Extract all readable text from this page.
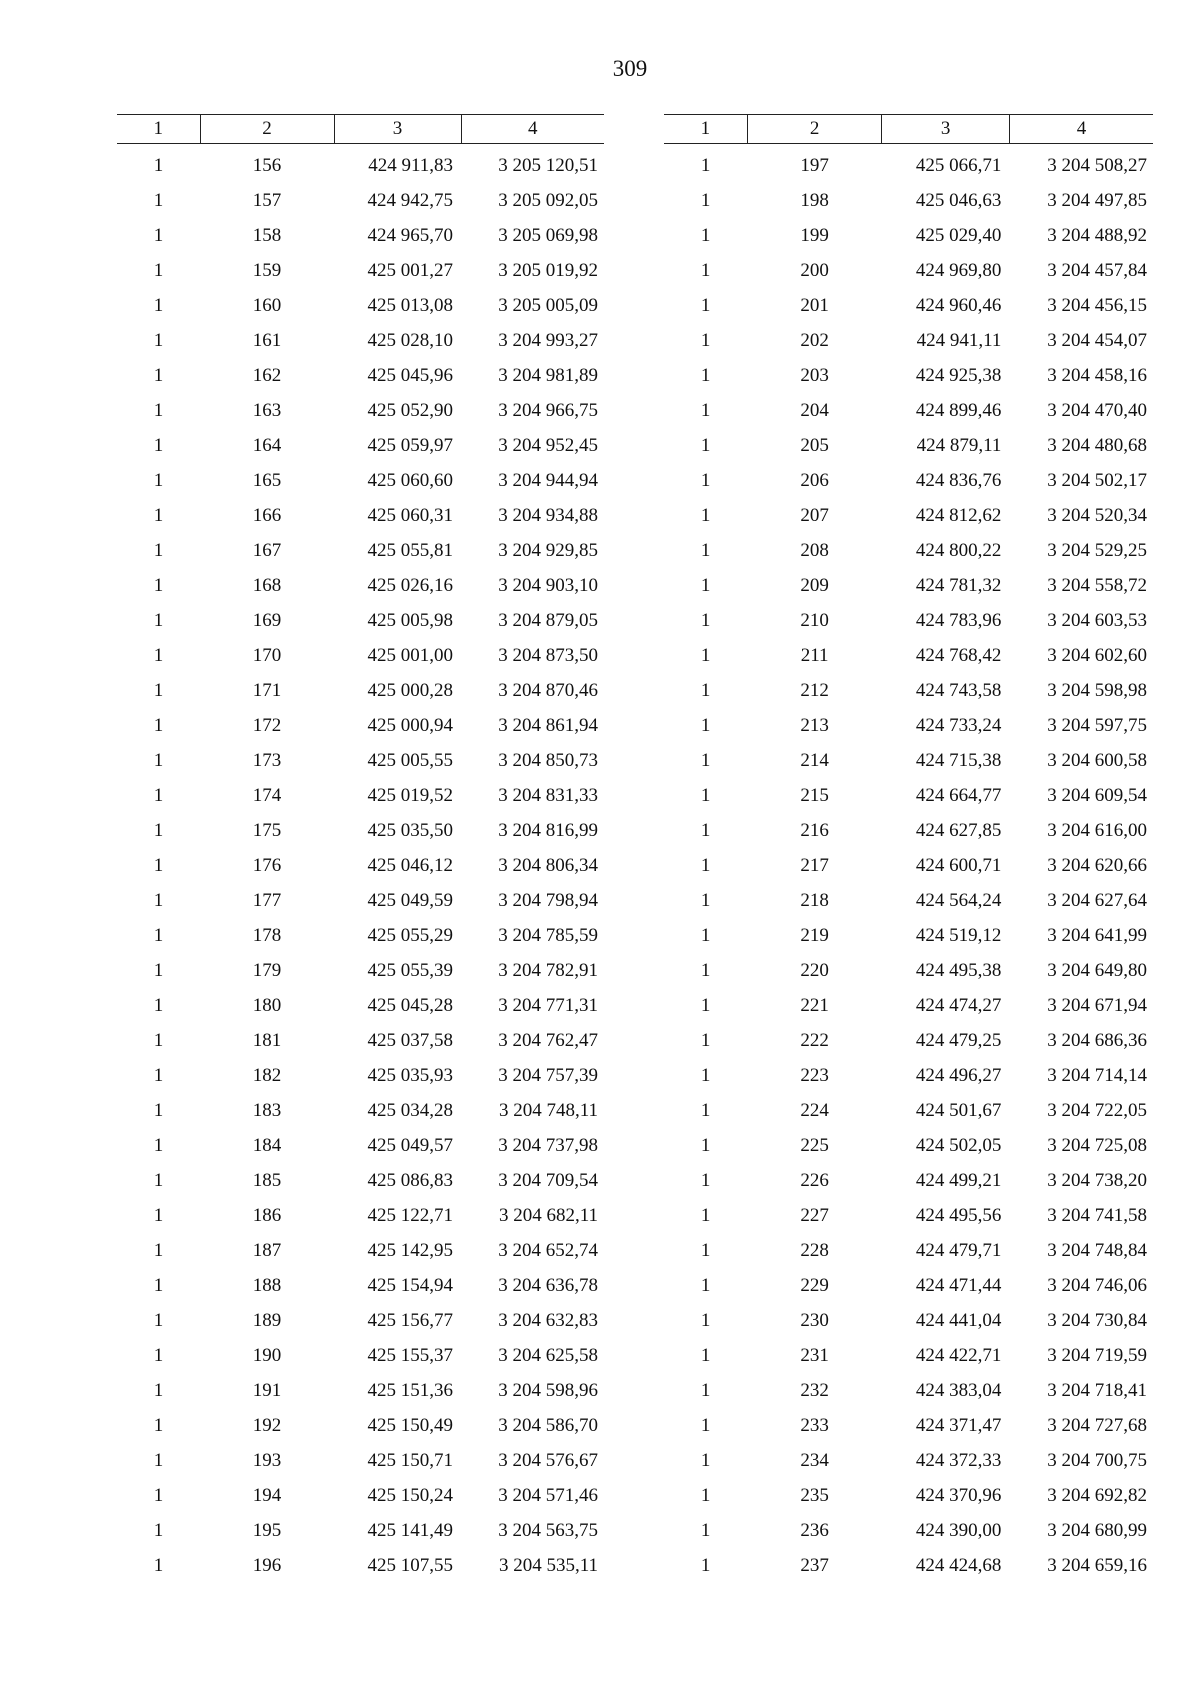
309
1	2	3	4
1	156	424 911,83	3 205 120,51
1	157	424 942,75	3 205 092,05
1	158	424 965,70	3 205 069,98
1	159	425 001,27	3 205 019,92
1	160	425 013,08	3 205 005,09
1	161	425 028,10	3 204 993,27
1	162	425 045,96	3 204 981,89
1	163	425 052,90	3 204 966,75
1	164	425 059,97	3 204 952,45
1	165	425 060,60	3 204 944,94
1	166	425 060,31	3 204 934,88
1	167	425 055,81	3 204 929,85
1	168	425 026,16	3 204 903,10
1	169	425 005,98	3 204 879,05
1	170	425 001,00	3 204 873,50
1	171	425 000,28	3 204 870,46
1	172	425 000,94	3 204 861,94
1	173	425 005,55	3 204 850,73
1	174	425 019,52	3 204 831,33
1	175	425 035,50	3 204 816,99
1	176	425 046,12	3 204 806,34
1	177	425 049,59	3 204 798,94
1	178	425 055,29	3 204 785,59
1	179	425 055,39	3 204 782,91
1	180	425 045,28	3 204 771,31
1	181	425 037,58	3 204 762,47
1	182	425 035,93	3 204 757,39
1	183	425 034,28	3 204 748,11
1	184	425 049,57	3 204 737,98
1	185	425 086,83	3 204 709,54
1	186	425 122,71	3 204 682,11
1	187	425 142,95	3 204 652,74
1	188	425 154,94	3 204 636,78
1	189	425 156,77	3 204 632,83
1	190	425 155,37	3 204 625,58
1	191	425 151,36	3 204 598,96
1	192	425 150,49	3 204 586,70
1	193	425 150,71	3 204 576,67
1	194	425 150,24	3 204 571,46
1	195	425 141,49	3 204 563,75
1	196	425 107,55	3 204 535,11
1	2	3	4
1	197	425 066,71	3 204 508,27
1	198	425 046,63	3 204 497,85
1	199	425 029,40	3 204 488,92
1	200	424 969,80	3 204 457,84
1	201	424 960,46	3 204 456,15
1	202	424 941,11	3 204 454,07
1	203	424 925,38	3 204 458,16
1	204	424 899,46	3 204 470,40
1	205	424 879,11	3 204 480,68
1	206	424 836,76	3 204 502,17
1	207	424 812,62	3 204 520,34
1	208	424 800,22	3 204 529,25
1	209	424 781,32	3 204 558,72
1	210	424 783,96	3 204 603,53
1	211	424 768,42	3 204 602,60
1	212	424 743,58	3 204 598,98
1	213	424 733,24	3 204 597,75
1	214	424 715,38	3 204 600,58
1	215	424 664,77	3 204 609,54
1	216	424 627,85	3 204 616,00
1	217	424 600,71	3 204 620,66
1	218	424 564,24	3 204 627,64
1	219	424 519,12	3 204 641,99
1	220	424 495,38	3 204 649,80
1	221	424 474,27	3 204 671,94
1	222	424 479,25	3 204 686,36
1	223	424 496,27	3 204 714,14
1	224	424 501,67	3 204 722,05
1	225	424 502,05	3 204 725,08
1	226	424 499,21	3 204 738,20
1	227	424 495,56	3 204 741,58
1	228	424 479,71	3 204 748,84
1	229	424 471,44	3 204 746,06
1	230	424 441,04	3 204 730,84
1	231	424 422,71	3 204 719,59
1	232	424 383,04	3 204 718,41
1	233	424 371,47	3 204 727,68
1	234	424 372,33	3 204 700,75
1	235	424 370,96	3 204 692,82
1	236	424 390,00	3 204 680,99
1	237	424 424,68	3 204 659,16
